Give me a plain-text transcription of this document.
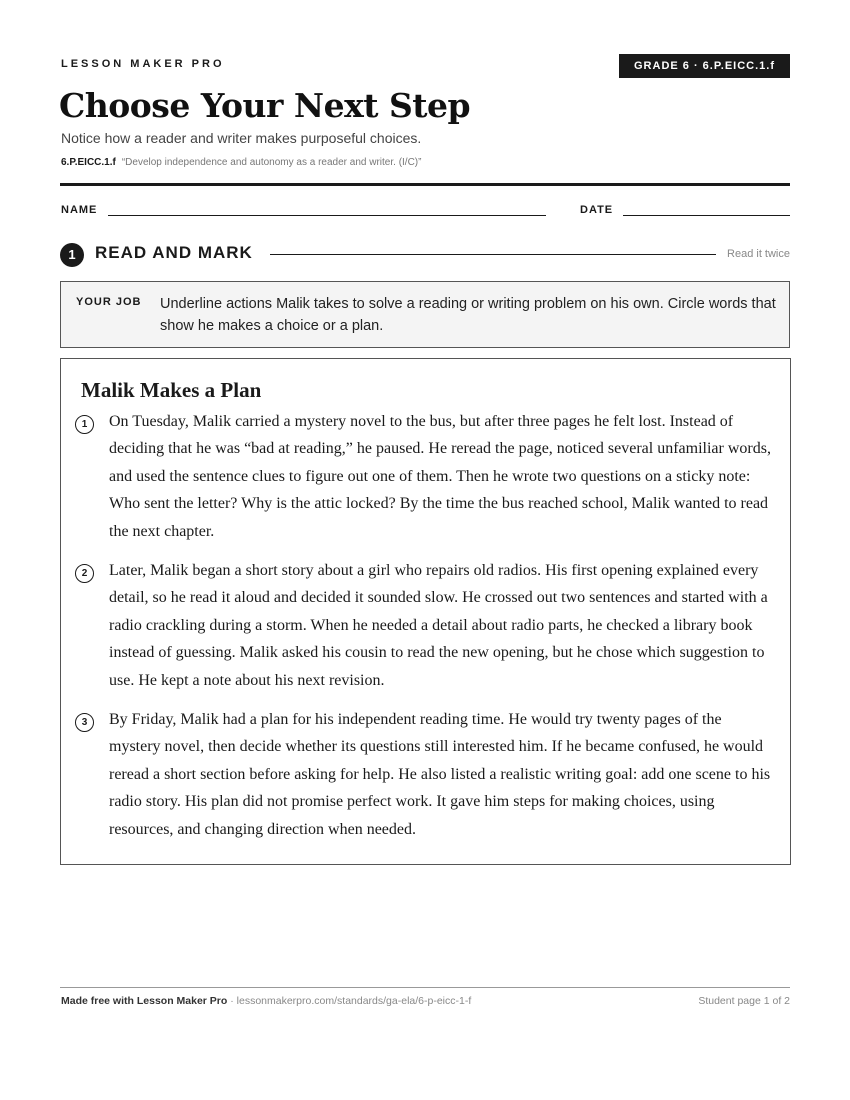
LESSON MAKER PRO	GRADE 6 · 6.P.EICC.1.f
Choose Your Next Step
Notice how a reader and writer makes purposeful choices.
6.P.EICC.1.f “Develop independence and autonomy as a reader and writer. (I/C)”
NAME	DATE
1	READ AND MARK	Read it twice
YOUR JOB Underline actions Malik takes to solve a reading or writing problem on his own. Circle words that show he makes a choice or a plan.
Malik Makes a Plan
1	On Tuesday, Malik carried a mystery novel to the bus, but after three pages he felt lost. Instead of deciding that he was “bad at reading,” he paused. He reread the page, noticed several unfamiliar words, and used the sentence clues to figure out one of them. Then he wrote two questions on a sticky note: Who sent the letter? Why is the attic locked? By the time the bus reached school, Malik wanted to read the next chapter.

2	Later, Malik began a short story about a girl who repairs old radios. His first opening explained every detail, so he read it aloud and decided it sounded slow. He crossed out two sentences and started with a radio crackling during a storm. When he needed a detail about radio parts, he checked a library book instead of guessing. Malik asked his cousin to read the new opening, but he chose which suggestion to use. He kept a note about his next revision.

3	By Friday, Malik had a plan for his independent reading time. He would try twenty pages of the mystery novel, then decide whether its questions still interested him. If he became confused, he would reread a short section before asking for help. He also listed a realistic writing goal: add one scene to his radio story. His plan did not promise perfect work. It gave him steps for making choices, using resources, and changing direction when needed.

Made free with Lesson Maker Pro · lessonmakerpro.com/standards/ga-ela/6-p-eicc-1-f	Student page 1 of 2
